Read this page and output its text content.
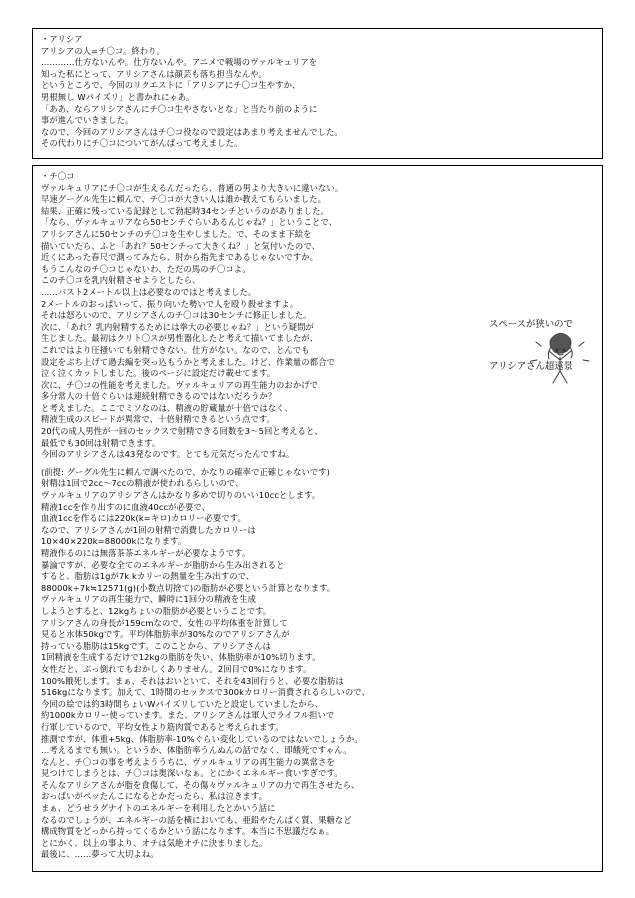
・アリシア
アリシアの人=チ〇コ。終わり。
…………仕方ないんや。仕方ないんや。アニメで戦場のヴァルキュリアを
知った私にとって、アリシアさんは顔芸も落ち担当なんや。
というところで、今回のリクエストに「アリシアにチ〇コ生やすか、
男根無し Wパイズリ」と書かれにゃあ。
「ああ、ならアリシアさんにチ〇コ生やさないとな」と当たり前のように
事が進んでいきました。
なので、今回のアリシアさんはチ〇コ役なので設定はあまり考えませんでした。
その代わりにチ〇コについてがんばって考えました。
・チ〇コ
ヴァルキュリアにチ〇コが生えるんだったら、普通の男より大きいに違いない。
早速グーグル先生に頼んで、チ〇コが大きい人は誰か教えてもらいました。
結果、正確に残っている記録として勃起時34センチというのがありました。
「なら、ヴァルキュリアなら50センチぐらいあるんじゃね？」ということで、
アリシアさんに50センチのチ〇コを生やしました。で、そのまま下絵を
描いていたら、ふと「あれ？50センチって大きくね？」と気付いたので、
近くにあった春尺で測ってみたら、肘から指先まであるじゃないですか。
もうこんなのチ〇コじゃないわ、ただの馬のチ〇コよ。
このチ〇コを乳内射精させようとしたら、
……バスト2メートル以上は必要なのではと考えました。
2メートルのおっぱいって、振り向いた勢いで人を殴り殺せますよ。
それは怒ろいので、アリシアさんのチ〇コは30センチに修正しました。
次に、「あれ？乳内射精するためには拳大の必要じゃね？」という疑問が
生じました。最初はクリト〇スが男性器化したと考えて描いてましたが、
これではより圧掻いても射精できない。仕方がない。なので、とんでも
設定をぶち上げて過去編を突っ込もうかと考えました。けど、作業量の都合で
泣く泣くカットしました。後のページに設定だけ載せてます。
次に、チ〇コの性能を考えました。ヴァルキュリアの再生能力のおかげで
多分常人の十倍ぐらいは連続射精できるのではないだろうか？
と考えました。ここでミソなのは、精液の貯蔵量が十倍ではなく、
精液生成のスピードが異常で、十倍射精できるという点です。
20代の成人男性が一回のセックスで射精できる回数を3～5回と考えると、
最低でも30回は射精できます。
今回のアリシアさんは43発なのです。とても元気だったんですね。
(前提: グーグル先生に頼んで調べたので、かなりの確率で正確じゃないです)
射精は1回で2cc～7ccの精液が使われるらしいので、
ヴァルキュリアのアリシアさんはかなり多めで切りのいい10ccとします。
精液1ccを作り出すのに血液40ccが必要で、
血液1ccを作るには220k(k=キロ)カロリー必要です。
なので、アリシアさんが1回の射精で消費したカロリーは
10×40×220k=88000kになります。
精液作るのには無落茶茶エネルギーが必要なようです。
暴論ですが、必要な全てのエネルギーが脂肪から生み出されると
すると、脂肪は1gが7k kカリーの熱量を生み出すので、
88000k÷7k≒12571(g)(小数点切捨て)の脂肪が必要という計算となります。
ヴァルキュリアの再生能力で、瞬時に1回分の精液を生成
しようとすると、12kgちょいの脂肪が必要ということです。
アリシアさんの身長が159cmなので、女性の平均体重を計算して
見ると水体50kgです。平均体脂肪率が30%なのでアリシアさんが
持っている脂肪は15kgです。このことから、アリシアさんは
1回精液を生成するだけで12kgの脂肪を失い、体脂肪率が10%切ります。
女性だと、ぶっ倒れてもおかしくありません。2回目で0%になります。
100%餓死します。まぁ、それはおいといて、それを43回行うと、必要な脂肪は
516kgになります。加えて、1時間のセックスで300kカロリー消費されるらしいので、
今回の絵では約3時間ちょいWパイズリしていたと設定していましたから、
約1000kカロリー使っています。また、アリシアさんは軍人でライフル担いで
行軍しているので、平均女性より筋肉質であると考えられます。
推測ですが、体重+5kg、体脂肪率-10%ぐらい変化しているのではないでしょうか。
…考えるまでも無い。というか、体脂肪率うんぬんの話でなく、即餓死ですゃん。
なんと、チ〇コの事を考えよううちに、ヴァルキュリアの再生能力の異常さを
見つけてしまうとは、チ〇コは奥深いなぁ。とにかくエネルギー食いすぎです。
そんなアリシアさんが脂を食傷して、その傷々ヴァルキュリアの力で再生させたら、
おっぱいがペッたんこになるとかだったら、私は泣きます。
まぁ、どうせラグナイトのエネルギーを利用したとかいう話に
なるのでしょうが、エネルギーの話を横においても、亜鉛やたんぱく質、果糖など
構成物質をどっから持ってくるかという話になります。本当に不思議だなぁ。
とにかく、以上の事より、オチは気絶オチに決まりました。
最後に、……夢って大切よね。

スペースが狭いので

アリシアさん超遠景
